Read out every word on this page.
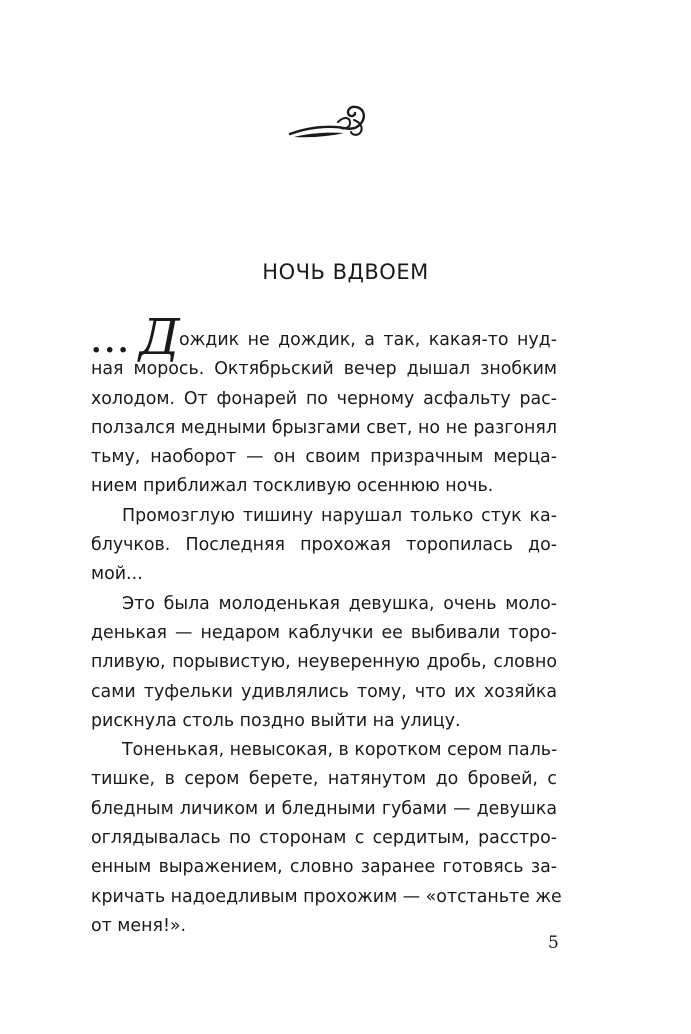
НОЧЬ ВДВОЕМ
... Д ождик не дождик, а так, какая-то нуд-
ная морось. Октябрьский вечер дышал знобким
холодом. От фонарей по черному асфальту рас-
ползался медными брызгами свет, но не разгонял
тьму, наоборот — он своим призрачным мерца-
нием приближал тоскливую осеннюю ночь.
Промозглую тишину нарушал только стук ка-
блучков. Последняя прохожая торопилась до-
мой...
Это была молоденькая девушка, очень моло-
денькая — недаром каблучки ее выбивали торо-
пливую, порывистую, неуверенную дробь, словно
сами туфельки удивлялись тому, что их хозяйка
рискнула столь поздно выйти на улицу.
Тоненькая, невысокая, в коротком сером паль-
тишке, в сером берете, натянутом до бровей, с
бледным личиком и бледными губами — девушка
оглядывалась по сторонам с сердитым, расстро-
енным выражением, словно заранее готовясь за-
кричать надоедливым прохожим — «отстаньте же
от меня!».
5
